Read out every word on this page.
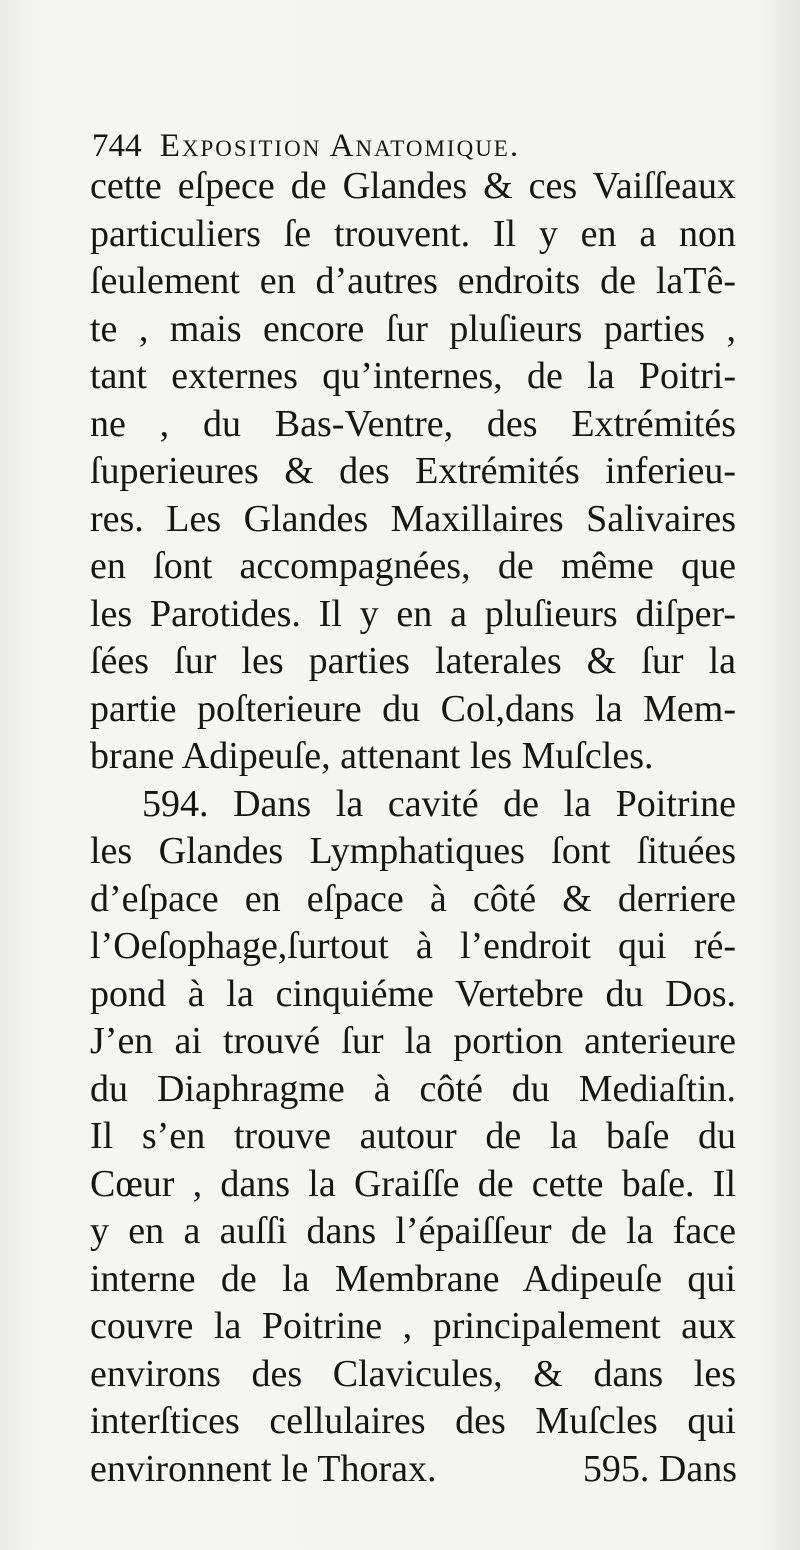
744 Exposition Anatomique.
cette eſpece de Glandes & ces Vaiſſeaux
particuliers ſe trouvent. Il y en a non
ſeulement en d’autres endroits de laTê-
te , mais encore ſur pluſieurs parties ,
tant externes qu’internes, de la Poitri-
ne , du Bas-Ventre, des Extrémités
ſuperieures & des Extrémités inferieu-
res. Les Glandes Maxillaires Salivaires
en ſont accompagnées, de même que
les Parotides. Il y en a pluſieurs diſper-
ſées ſur les parties laterales & ſur la
partie poſterieure du Col,dans la Mem-
brane Adipeuſe, attenant les Muſcles.
594. Dans la cavité de la Poitrine
les Glandes Lymphatiques ſont ſituées
d’eſpace en eſpace à côté & derriere
l’Oeſophage,ſurtout à l’endroit qui ré-
pond à la cinquiéme Vertebre du Dos.
J’en ai trouvé ſur la portion anterieure
du Diaphragme à côté du Mediaſtin.
Il s’en trouve autour de la baſe du
Cœur , dans la Graiſſe de cette baſe. Il
y en a auſſi dans l’épaiſſeur de la face
interne de la Membrane Adipeuſe qui
couvre la Poitrine , principalement aux
environs des Clavicules, & dans les
interſtices cellulaires des Muſcles qui
environnent le Thorax.	595. Dans
